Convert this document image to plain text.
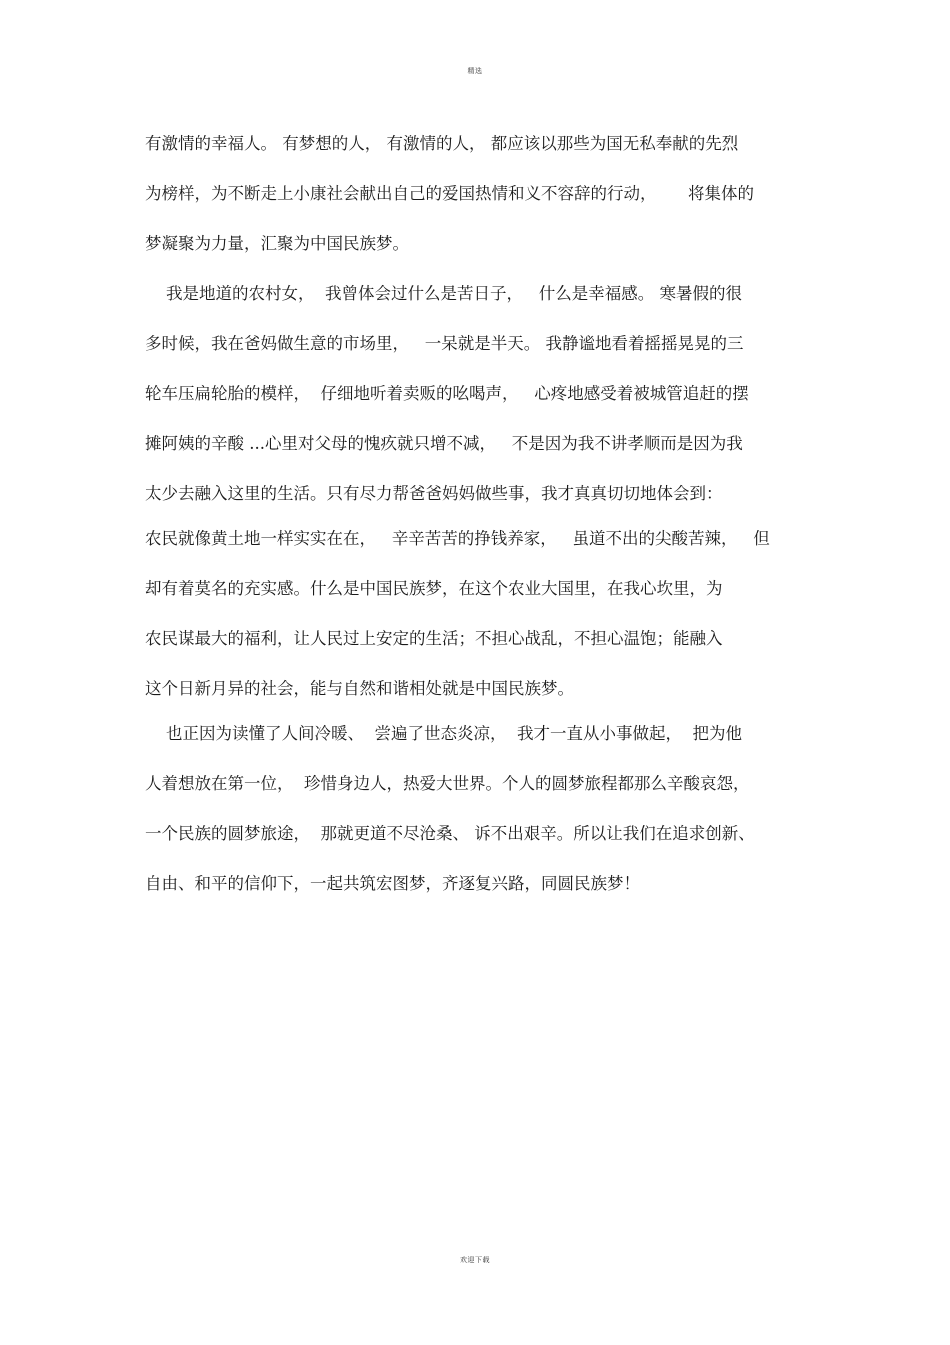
精选
有激情的幸福人。 有梦想的人， 有激情的人， 都应该以那些为国无私奉献的先烈
为榜样，为不断走上小康社会献出自己的爱国热情和义不容辞的行动，      将集体的
梦凝聚为力量，汇聚为中国民族梦。
我是地道的农村女，  我曾体会过什么是苦日子，   什么是幸福感。 寒暑假的很
多时候，我在爸妈做生意的市场里，   一呆就是半天。 我静谧地看着摇摇晃晃的三
轮车压扁轮胎的模样，  仔细地听着卖贩的吆喝声，   心疼地感受着被城管追赶的摆
摊阿姨的辛酸 ...心里对父母的愧疚就只增不减，   不是因为我不讲孝顺而是因为我
太少去融入这里的生活。只有尽力帮爸爸妈妈做些事，我才真真切切地体会到：
农民就像黄土地一样实实在在，   辛辛苦苦的挣钱养家，   虽道不出的尖酸苦辣，   但
却有着莫名的充实感。什么是中国民族梦，在这个农业大国里，在我心坎里，为
农民谋最大的福利，让人民过上安定的生活；不担心战乱，不担心温饱；能融入
这个日新月异的社会，能与自然和谐相处就是中国民族梦。
也正因为读懂了人间冷暖、  尝遍了世态炎凉，  我才一直从小事做起，  把为他
人着想放在第一位，  珍惜身边人，热爱大世界。个人的圆梦旅程都那么辛酸哀怨，
一个民族的圆梦旅途，  那就更道不尽沧桑、 诉不出艰辛。所以让我们在追求创新、
自由、和平的信仰下，一起共筑宏图梦，齐逐复兴路，同圆民族梦！
欢迎下载
